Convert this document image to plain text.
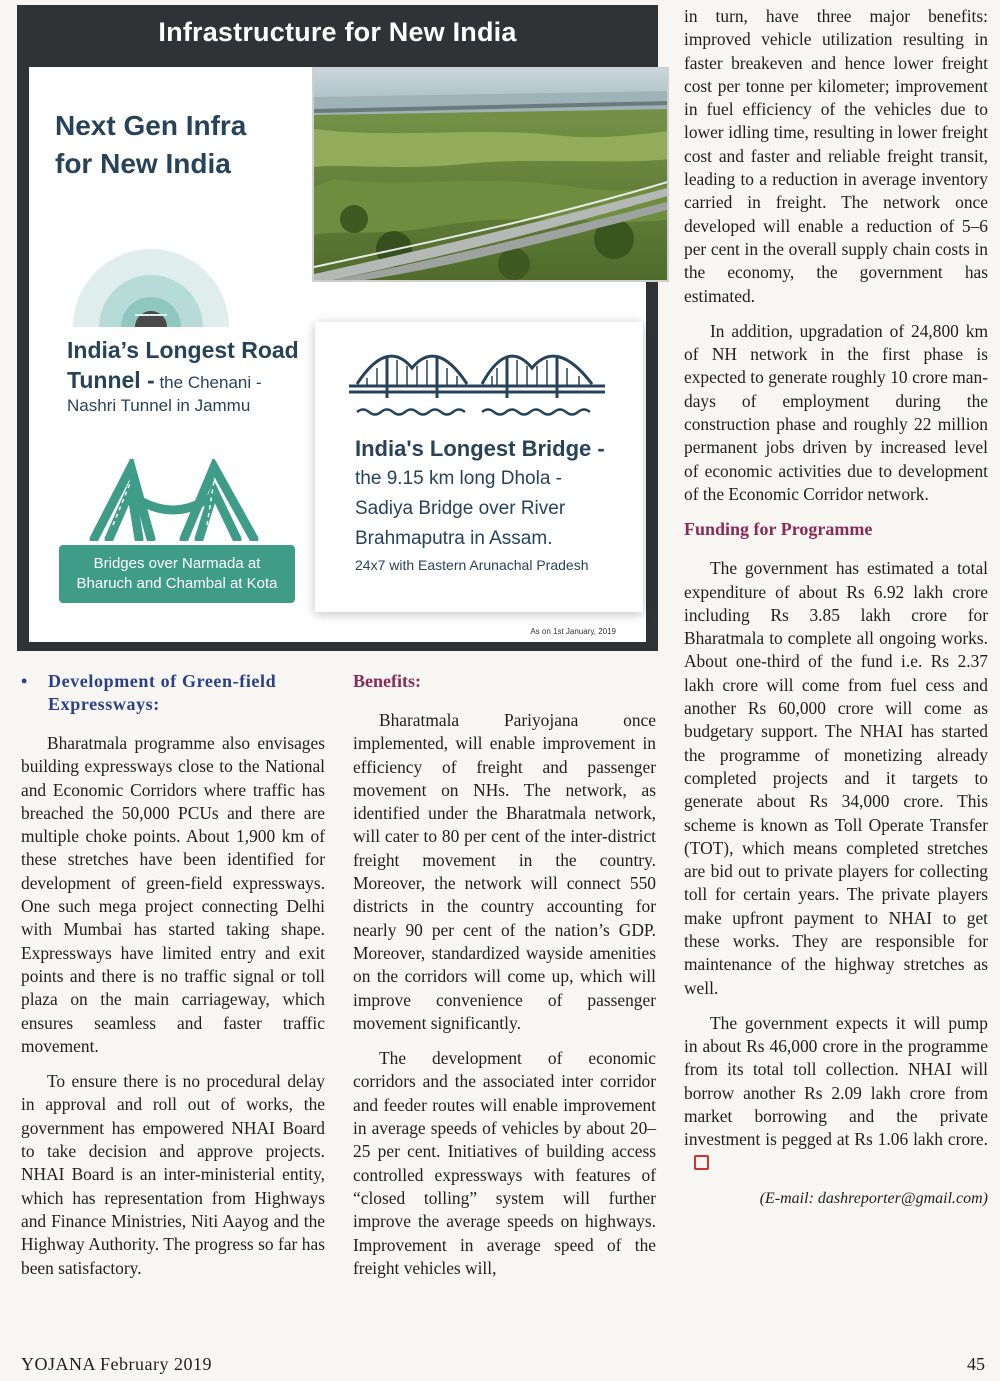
Infrastructure for New India
Next Gen Infra
for New India
India’s Longest Road
Tunnel - the Chenani -
Nashri Tunnel in Jammu
Bridges over Narmada at
Bharuch and Chambal at Kota
India's Longest Bridge -
the 9.15 km long Dhola -
Sadiya Bridge over River
Brahmaputra in Assam.
24x7 with Eastern Arunachal Pradesh
As on 1st January, 2019
• Development of Green-field Expressways:

Bharatmala programme also envisages building expressways close to the National and Economic Corridors where traffic has breached the 50,000 PCUs and there are multiple choke points. About 1,900 km of these stretches have been identified for development of green-field expressways. One such mega project connecting Delhi with Mumbai has started taking shape. Expressways have limited entry and exit points and there is no traffic signal or toll plaza on the main carriageway, which ensures seamless and faster traffic movement.

To ensure there is no procedural delay in approval and roll out of works, the government has empowered NHAI Board to take decision and approve projects. NHAI Board is an inter-ministerial entity, which has representation from Highways and Finance Ministries, Niti Aayog and the Highway Authority. The progress so far has been satisfactory.

Benefits:

Bharatmala Pariyojana once implemented, will enable improvement in efficiency of freight and passenger movement on NHs. The network, as identified under the Bharatmala network, will cater to 80 per cent of the inter-district freight movement in the country. Moreover, the network will connect 550 districts in the country accounting for nearly 90 per cent of the nation’s GDP. Moreover, standardized wayside amenities on the corridors will come up, which will improve convenience of passenger movement significantly.

The development of economic corridors and the associated inter corridor and feeder routes will enable improvement in average speeds of vehicles by about 20–25 per cent. Initiatives of building access controlled expressways with features of “closed tolling” system will further improve the average speeds on highways. Improvement in average speed of the freight vehicles will,

in turn, have three major benefits: improved vehicle utilization resulting in faster breakeven and hence lower freight cost per tonne per kilometer; improvement in fuel efficiency of the vehicles due to lower idling time, resulting in lower freight cost and faster and reliable freight transit, leading to a reduction in average inventory carried in freight. The network once developed will enable a reduction of 5–6 per cent in the overall supply chain costs in the economy, the government has estimated.

In addition, upgradation of 24,800 km of NH network in the first phase is expected to generate roughly 10 crore man-days of employment during the construction phase and roughly 22 million permanent jobs driven by increased level of economic activities due to development of the Economic Corridor network.

Funding for Programme

The government has estimated a total expenditure of about Rs 6.92 lakh crore including Rs 3.85 lakh crore for Bharatmala to complete all ongoing works. About one-third of the fund i.e. Rs 2.37 lakh crore will come from fuel cess and another Rs 60,000 crore will come as budgetary support. The NHAI has started the programme of monetizing already completed projects and it targets to generate about Rs 34,000 crore. This scheme is known as Toll Operate Transfer (TOT), which means completed stretches are bid out to private players for collecting toll for certain years. The private players make upfront payment to NHAI to get these works. They are responsible for maintenance of the highway stretches as well.

The government expects it will pump in about Rs 46,000 crore in the programme from its total toll collection. NHAI will borrow another Rs 2.09 lakh crore from market borrowing and the private investment is pegged at Rs 1.06 lakh crore.

(E-mail: dashreporter@gmail.com)
YOJANA February 2019	45
